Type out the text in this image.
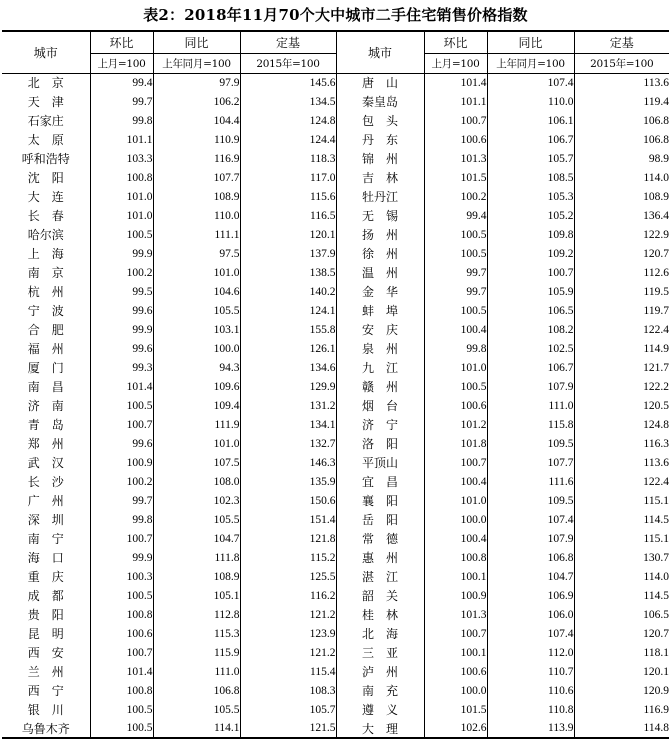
表2：2018年11月70个大中城市二手住宅销售价格指数
城市	环比	同比	定基	城市	环比	同比	定基
	上月=100	上年同月=100	2015年=100		上月=100	上年同月=100	2015年=100
北　京	99.4	97.9	145.6	唐　山	101.4	107.4	113.6
天　津	99.7	106.2	134.5	秦皇岛	101.1	110.0	119.4
石家庄	99.8	104.4	124.8	包　头	100.7	106.1	106.8
太　原	101.1	110.9	124.4	丹　东	100.6	106.7	106.8
呼和浩特	103.3	116.9	118.3	锦　州	101.3	105.7	98.9
沈　阳	100.8	107.7	117.0	吉　林	101.5	108.5	114.0
大　连	101.0	108.9	115.6	牡丹江	100.2	105.3	108.9
长　春	101.0	110.0	116.5	无　锡	99.4	105.2	136.4
哈尔滨	100.5	111.1	120.1	扬　州	100.5	109.8	122.9
上　海	99.9	97.5	137.9	徐　州	100.5	109.2	120.7
南　京	100.2	101.0	138.5	温　州	99.7	100.7	112.6
杭　州	99.5	104.6	140.2	金　华	99.7	105.9	119.5
宁　波	99.6	105.5	124.1	蚌　埠	100.5	106.5	119.7
合　肥	99.9	103.1	155.8	安　庆	100.4	108.2	122.4
福　州	99.6	100.0	126.1	泉　州	99.8	102.5	114.9
厦　门	99.3	94.3	134.6	九　江	101.0	106.7	121.7
南　昌	101.4	109.6	129.9	赣　州	100.5	107.9	122.2
济　南	100.5	109.4	131.2	烟　台	100.6	111.0	120.5
青　岛	100.7	111.9	134.1	济　宁	101.2	115.8	124.8
郑　州	99.6	101.0	132.7	洛　阳	101.8	109.5	116.3
武　汉	100.9	107.5	146.3	平顶山	100.7	107.7	113.6
长　沙	100.2	108.0	135.9	宜　昌	100.4	111.6	122.4
广　州	99.7	102.3	150.6	襄　阳	101.0	109.5	115.1
深　圳	99.8	105.5	151.4	岳　阳	100.0	107.4	114.5
南　宁	100.7	104.7	121.8	常　德	100.4	107.9	115.1
海　口	99.9	111.8	115.2	惠　州	100.8	106.8	130.7
重　庆	100.3	108.9	125.5	湛　江	100.1	104.7	114.0
成　都	100.5	105.1	116.2	韶　关	100.9	106.9	114.5
贵　阳	100.8	112.8	121.2	桂　林	101.3	106.0	106.5
昆　明	100.6	115.3	123.9	北　海	100.7	107.4	120.7
西　安	100.7	115.9	121.2	三　亚	100.1	112.0	118.1
兰　州	101.4	111.0	115.4	泸　州	100.6	110.7	120.1
西　宁	100.8	106.8	108.3	南　充	100.0	110.6	120.9
银　川	100.5	105.5	105.7	遵　义	101.5	110.8	116.9
乌鲁木齐	100.5	114.1	121.5	大　理	102.6	113.9	114.8
